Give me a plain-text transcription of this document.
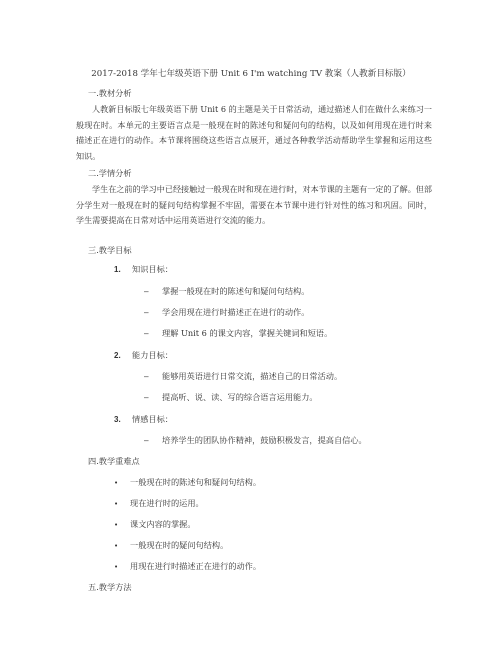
2017-2018 学年七年级英语下册 Unit 6 I'm watching TV 教案（人教新目标版）
一.教材分析

人教新目标版七年级英语下册 Unit 6 的主题是关于日常活动，通过描述人们在做什么来练习一般现在时。本单元的主要语言点是一般现在时的陈述句和疑问句的结构，以及如何用现在进行时来描述正在进行的动作。本节课将围绕这些语言点展开，通过各种教学活动帮助学生掌握和运用这些知识。

二.学情分析

学生在之前的学习中已经接触过一般现在时和现在进行时，对本节课的主题有一定的了解。但部分学生对一般现在时的疑问句结构掌握不牢固，需要在本节课中进行针对性的练习和巩固。同时，学生需要提高在日常对话中运用英语进行交流的能力。

三.教学目标
1. 知识目标：
– 掌握一般现在时的陈述句和疑问句结构。
– 学会用现在进行时描述正在进行的动作。
– 理解 Unit 6 的课文内容，掌握关键词和短语。
2. 能力目标：
– 能够用英语进行日常交流，描述自己的日常活动。
– 提高听、说、读、写的综合语言运用能力。
3. 情感目标：
– 培养学生的团队协作精神，鼓励积极发言，提高自信心。
四.教学重难点
• 一般现在时的陈述句和疑问句结构。
• 现在进行时的运用。
• 课文内容的掌握。
• 一般现在时的疑问句结构。
• 用现在进行时描述正在进行的动作。
五.教学方法
